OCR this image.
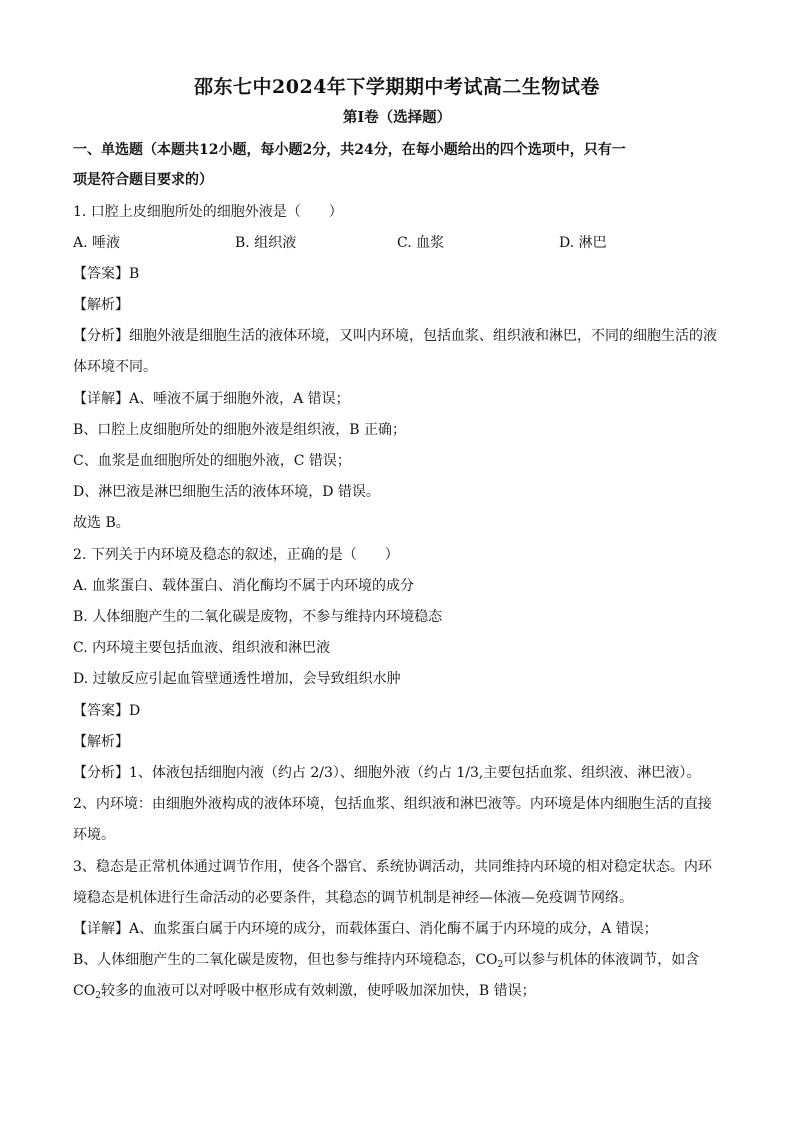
邵东七中2024年下学期期中考试高二生物试卷
第I卷（选择题）
一、单选题（本题共12小题，每小题2分，共24分，在每小题给出的四个选项中，只有一
项是符合题目要求的）
1. 口腔上皮细胞所处的细胞外液是（　　）
A. 唾液	B. 组织液	C. 血浆	D. 淋巴
【答案】B
【解析】
【分析】细胞外液是细胞生活的液体环境，又叫内环境，包括血浆、组织液和淋巴，不同的细胞生活的液
体环境不同。
【详解】A、唾液不属于细胞外液，A 错误；
B、口腔上皮细胞所处的细胞外液是组织液，B 正确；
C、血浆是血细胞所处的细胞外液，C 错误；
D、淋巴液是淋巴细胞生活的液体环境，D 错误。
故选 B。
2. 下列关于内环境及稳态的叙述，正确的是（　　）
A. 血浆蛋白、载体蛋白、消化酶均不属于内环境的成分
B. 人体细胞产生的二氧化碳是废物，不参与维持内环境稳态
C. 内环境主要包括血液、组织液和淋巴液
D. 过敏反应引起血管壁通透性增加，会导致组织水肿
【答案】D
【解析】
【分析】1、体液包括细胞内液（约占 2/3）、细胞外液（约占 1/3,主要包括血浆、组织液、淋巴液）。
2、内环境：由细胞外液构成的液体环境，包括血浆、组织液和淋巴液等。内环境是体内细胞生活的直接
环境。
3、稳态是正常机体通过调节作用，使各个器官、系统协调活动，共同维持内环境的相对稳定状态。内环
境稳态是机体进行生命活动的必要条件，其稳态的调节机制是神经—体液—免疫调节网络。
【详解】A、血浆蛋白属于内环境的成分，而载体蛋白、消化酶不属于内环境的成分，A 错误；
B、人体细胞产生的二氧化碳是废物，但也参与维持内环境稳态，$CO_2$可以参与机体的体液调节，如含
$CO_2$较多的血液可以对呼吸中枢形成有效刺激，使呼吸加深加快，B 错误；
